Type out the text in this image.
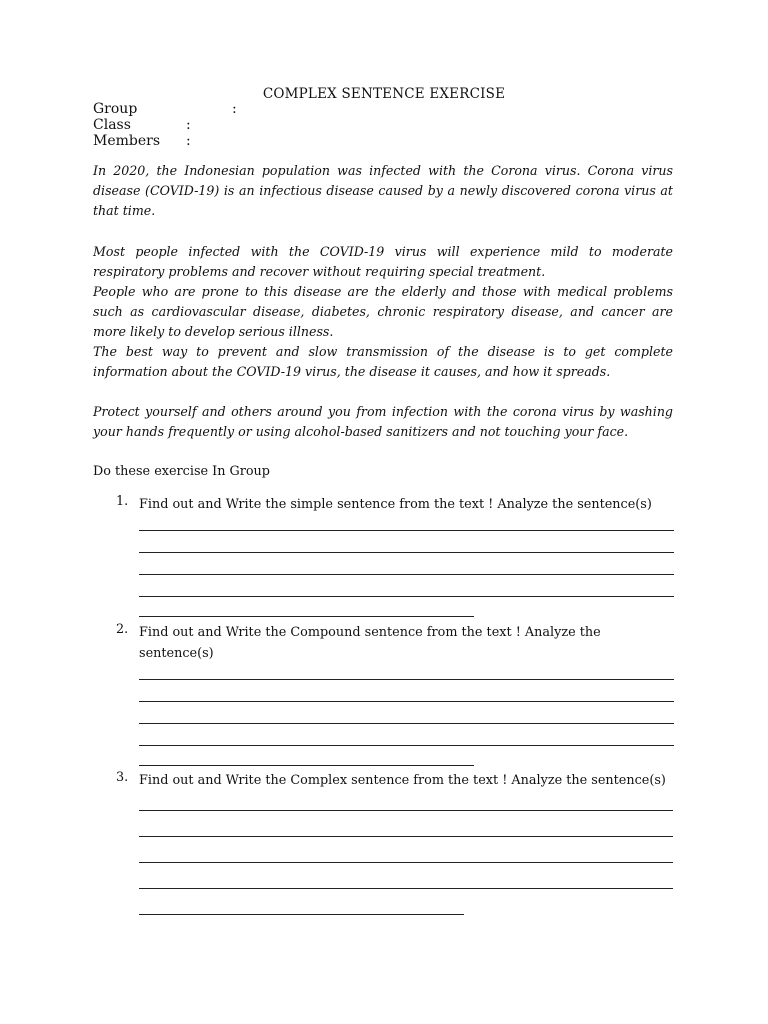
COMPLEX SENTENCE EXERCISE
Group	:
Class	:
Members :

In 2020, the Indonesian population was infected with the Corona virus. Corona virus disease (COVID-19) is an infectious disease caused by a newly discovered corona virus at that time.

Most people infected with the COVID-19 virus will experience mild to moderate respiratory problems and recover without requiring special treatment.

People who are prone to this disease are the elderly and those with medical problems such as cardiovascular disease, diabetes, chronic respiratory disease, and cancer are more likely to develop serious illness.

The best way to prevent and slow transmission of the disease is to get complete information about the COVID-19 virus, the disease it causes, and how it spreads.

Protect yourself and others around you from infection with the corona virus by washing your hands frequently or using alcohol-based sanitizers and not touching your face.

Do these exercise In Group
1. Find out and Write the simple sentence from the text ! Analyze the sentence(s)
2. Find out and Write the Compound sentence from the text ! Analyze the sentence(s)
3. Find out and Write the Complex sentence from the text ! Analyze the sentence(s)
